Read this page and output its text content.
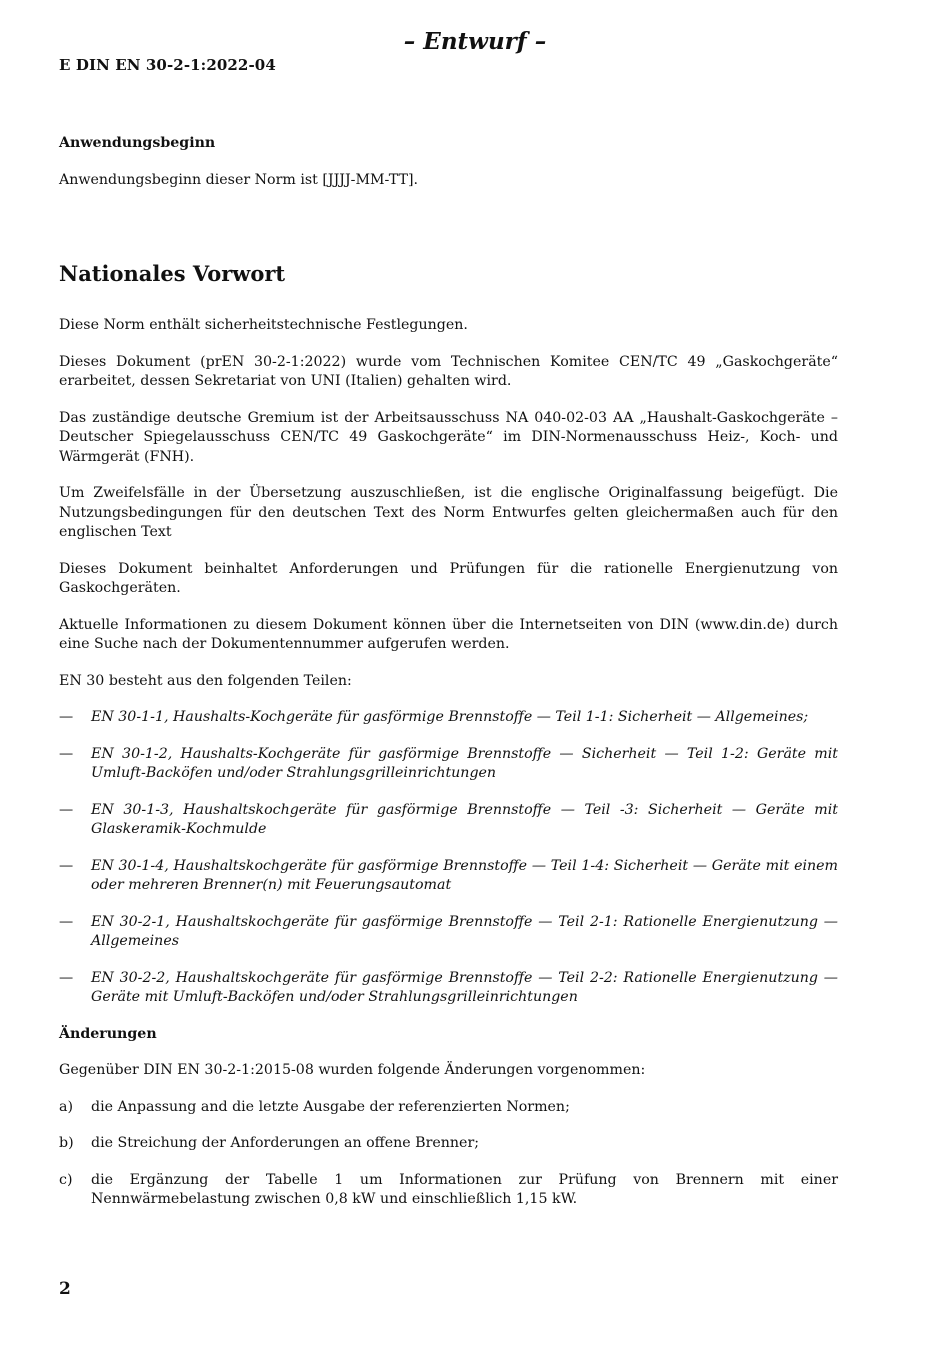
– Entwurf –
E DIN EN 30-2-1:2022-04
Anwendungsbeginn
Anwendungsbeginn dieser Norm ist [JJJJ-MM-TT].
Nationales Vorwort
Diese Norm enthält sicherheitstechnische Festlegungen.
Dieses Dokument (prEN 30-2-1:2022) wurde vom Technischen Komitee CEN/TC 49 „Gaskochgeräte“ erarbeitet, dessen Sekretariat von UNI (Italien) gehalten wird.
Das zuständige deutsche Gremium ist der Arbeitsausschuss NA 040-02-03 AA „Haushalt-Gaskochgeräte – Deutscher Spiegelausschuss CEN/TC 49 Gaskochgeräte“ im DIN-Normenausschuss Heiz-, Koch- und Wärmgerät (FNH).
Um Zweifelsfälle in der Übersetzung auszuschließen, ist die englische Originalfassung beigefügt. Die Nutzungsbedingungen für den deutschen Text des Norm Entwurfes gelten gleichermaßen auch für den englischen Text
Dieses Dokument beinhaltet Anforderungen und Prüfungen für die rationelle Energienutzung von Gaskochgeräten.
Aktuelle Informationen zu diesem Dokument können über die Internetseiten von DIN (www.din.de) durch eine Suche nach der Dokumentennummer aufgerufen werden.
EN 30 besteht aus den folgenden Teilen:
— EN 30-1-1, Haushalts-Kochgeräte für gasförmige Brennstoffe — Teil 1-1: Sicherheit — Allgemeines;
— EN 30-1-2, Haushalts-Kochgeräte für gasförmige Brennstoffe — Sicherheit — Teil 1-2: Geräte mit Umluft-Backöfen und/oder Strahlungsgrilleinrichtungen
— EN 30-1-3, Haushaltskochgeräte für gasförmige Brennstoffe — Teil -3: Sicherheit — Geräte mit Glaskeramik-Kochmulde
— EN 30-1-4, Haushaltskochgeräte für gasförmige Brennstoffe — Teil 1-4: Sicherheit — Geräte mit einem oder mehreren Brenner(n) mit Feuerungsautomat
— EN 30-2-1, Haushaltskochgeräte für gasförmige Brennstoffe — Teil 2-1: Rationelle Energienutzung — Allgemeines
— EN 30-2-2, Haushaltskochgeräte für gasförmige Brennstoffe — Teil 2-2: Rationelle Energienutzung — Geräte mit Umluft-Backöfen und/oder Strahlungsgrilleinrichtungen
Änderungen
Gegenüber DIN EN 30-2-1:2015-08 wurden folgende Änderungen vorgenommen:
a) die Anpassung and die letzte Ausgabe der referenzierten Normen;
b) die Streichung der Anforderungen an offene Brenner;
c) die Ergänzung der Tabelle 1 um Informationen zur Prüfung von Brennern mit einer Nennwärmebelastung zwischen 0,8 kW und einschließlich 1,15 kW.
2
